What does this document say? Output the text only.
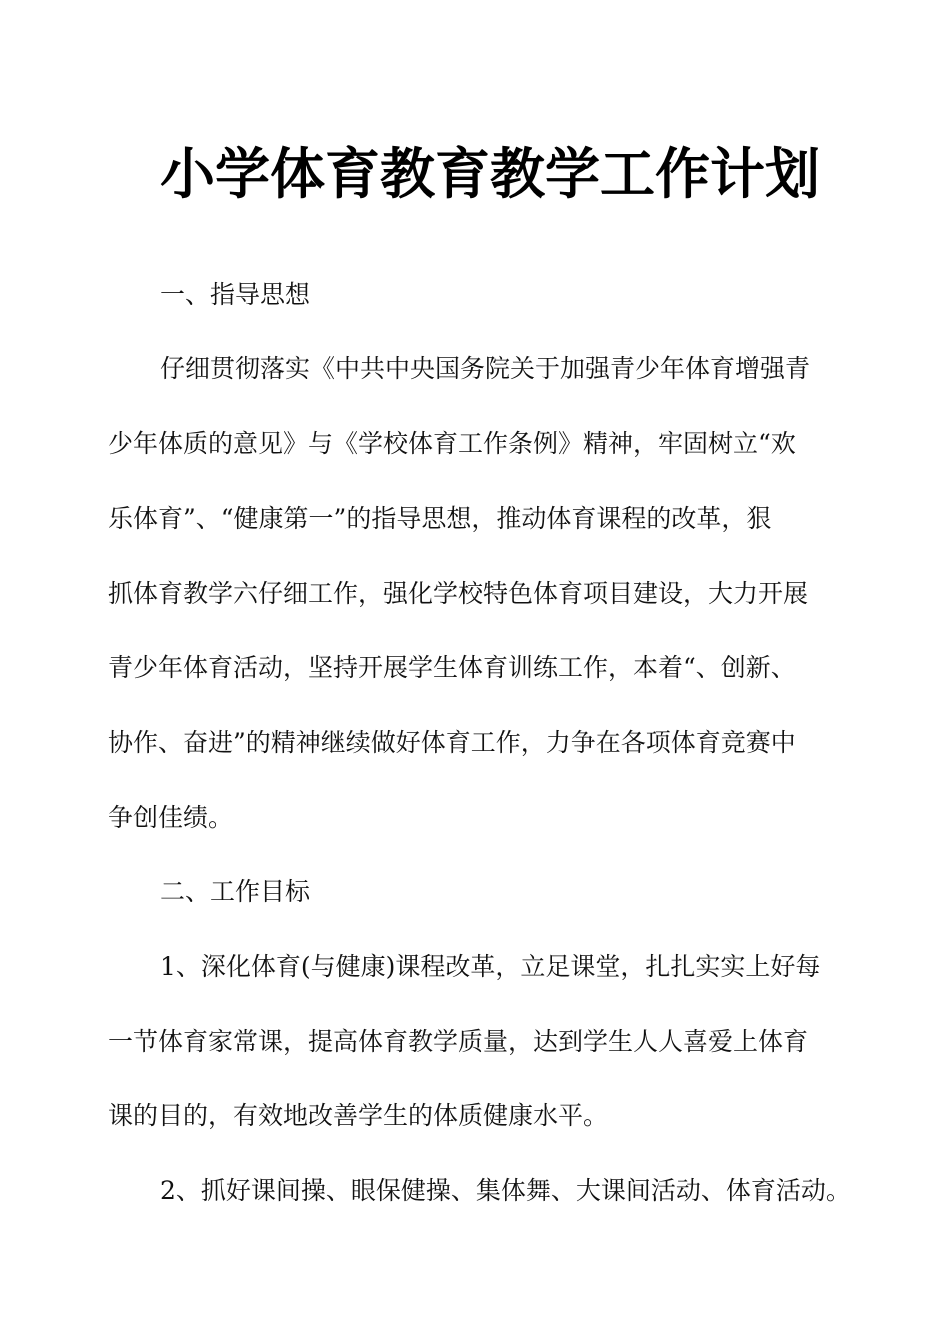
小学体育教育教学工作计划

一、指导思想

仔细贯彻落实《中共中央国务院关于加强青少年体育增强青

少年体质的意见》与《学校体育工作条例》精神，牢固树立“欢

乐体育”、“健康第一”的指导思想，推动体育课程的改革，狠

抓体育教学六仔细工作，强化学校特色体育项目建设，大力开展

青少年体育活动，坚持开展学生体育训练工作，本着“、创新、

协作、奋进”的精神继续做好体育工作，力争在各项体育竞赛中

争创佳绩。

二、工作目标

1、深化体育(与健康)课程改革，立足课堂，扎扎实实上好每

一节体育家常课，提高体育教学质量，达到学生人人喜爱上体育

课的目的，有效地改善学生的体质健康水平。

2、抓好课间操、眼保健操、集体舞、大课间活动、体育活动。
